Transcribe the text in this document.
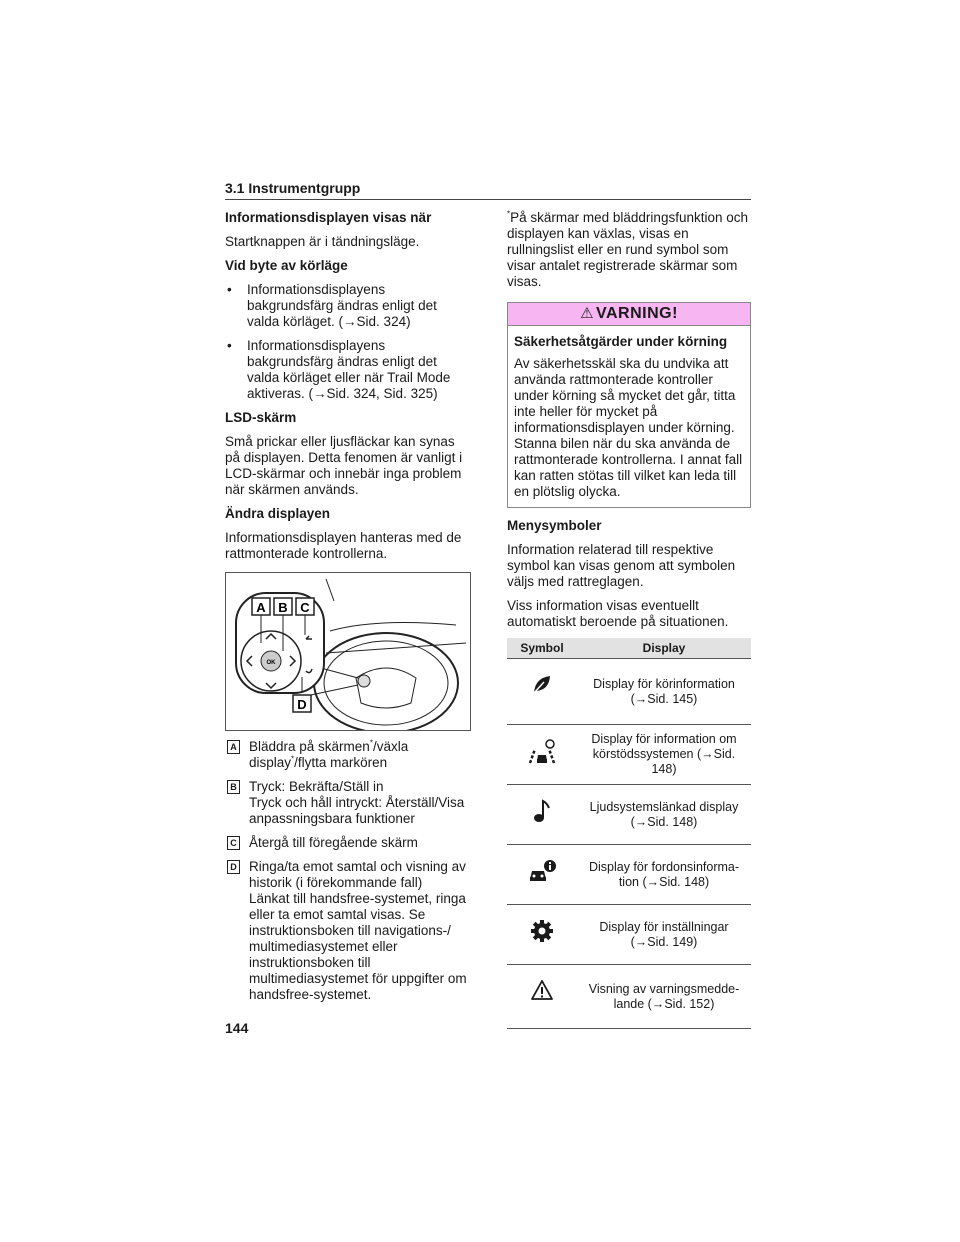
3.1 Instrumentgrupp
Informationsdisplayen visas när
Startknappen är i tändningsläge.
Vid byte av körläge
• Informationsdisplayens bakgrundsfärg ändras enligt det valda körläget. (→Sid. 324)
• Informationsdisplayens bakgrundsfärg ändras enligt det valda körläget eller när Trail Mode aktiveras. (→Sid. 324, Sid. 325)
LSD-skärm
Små prickar eller ljusfläckar kan synas på displayen. Detta fenomen är vanligt i LCD-skärmar och innebär inga problem när skärmen används.
Ändra displayen
Informationsdisplayen hanteras med de rattmonterade kontrollerna.
A B C
D
OK
A Bläddra på skärmen*/växla display*/flytta markören
B Tryck: Bekräfta/Ställ in
Tryck och håll intryckt: Återställ/Visa anpassningsbara funktioner
C Återgå till föregående skärm
D Ringa/ta emot samtal och visning av historik (i förekommande fall)
Länkat till handsfree-systemet, ringa eller ta emot samtal visas. Se instruktionsboken till navigations-/ multimediasystemet eller instruktionsboken till multimediasystemet för uppgifter om handsfree-systemet.
*På skärmar med bläddringsfunktion och displayen kan växlas, visas en rullningslist eller en rund symbol som visar antalet registrerade skärmar som visas.
⚠ VARNING!
Säkerhetsåtgärder under körning
Av säkerhetsskäl ska du undvika att använda rattmonterade kontroller under körning så mycket det går, titta inte heller för mycket på informationsdisplayen under körning. Stanna bilen när du ska använda de rattmonterade kontrollerna. I annat fall kan ratten stötas till vilket kan leda till en plötslig olycka.
Menysymboler
Information relaterad till respektive symbol kan visas genom att symbolen väljs med rattreglagen.
Viss information visas eventuellt automatiskt beroende på situationen.
Symbol	Display
	Display för körinformation (→Sid. 145)
	Display för information om körstödssystemen (→Sid. 148)
	Ljudsystemslänkad display (→Sid. 148)
	Display för fordonsinforma-tion (→Sid. 148)
	Display för inställningar (→Sid. 149)
	Visning av varningsmedde-lande (→Sid. 152)
144
